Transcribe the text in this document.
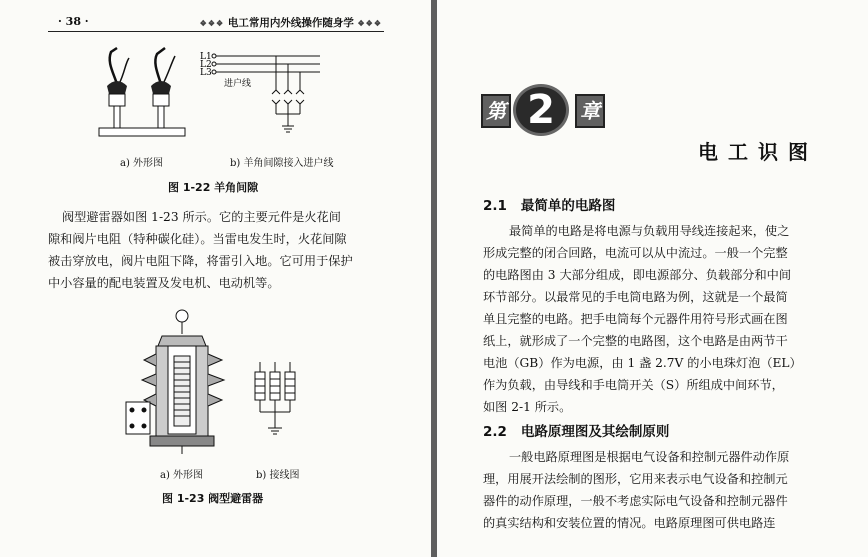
· 38 ·	❖❖❖ 电工常用内外线操作随身学 ❖❖❖
L1
L2
L3
进户线
a) 外形图	b) 羊角间隙接入进户线
图 1-22 羊角间隙
阀型避雷器如图 1-23 所示。它的主要元件是火花间
隙和阀片电阻（特种碳化硅）。当雷电发生时，火花间隙
被击穿放电，阀片电阻下降，将雷引入地。它可用于保护
中小容量的配电装置及发电机、电动机等。
a) 外形图	b) 接线图
图 1-23 阀型避雷器
第 2	章
电工识图
2.1 最简单的电路图
最简单的电路是将电源与负载用导线连接起来，使之
形成完整的闭合回路，电流可以从中流过。一般一个完整
的电路图由 3 大部分组成，即电源部分、负载部分和中间
环节部分。以最常见的手电筒电路为例，这就是一个最简
单且完整的电路。把手电筒每个元器件用符号形式画在图
纸上，就形成了一个完整的电路图，这个电路是由两节干
电池（GB）作为电源，由 1 盏 2.7V 的小电珠灯泡（EL）
作为负载，由导线和手电筒开关（S）所组成中间环节，
如图 2-1 所示。
2.2 电路原理图及其绘制原则
一般电路原理图是根据电气设备和控制元器件动作原
理，用展开法绘制的图形，它用来表示电气设备和控制元
器件的动作原理，一般不考虑实际电气设备和控制元器件
的真实结构和安装位置的情况。电路原理图可供电路连
